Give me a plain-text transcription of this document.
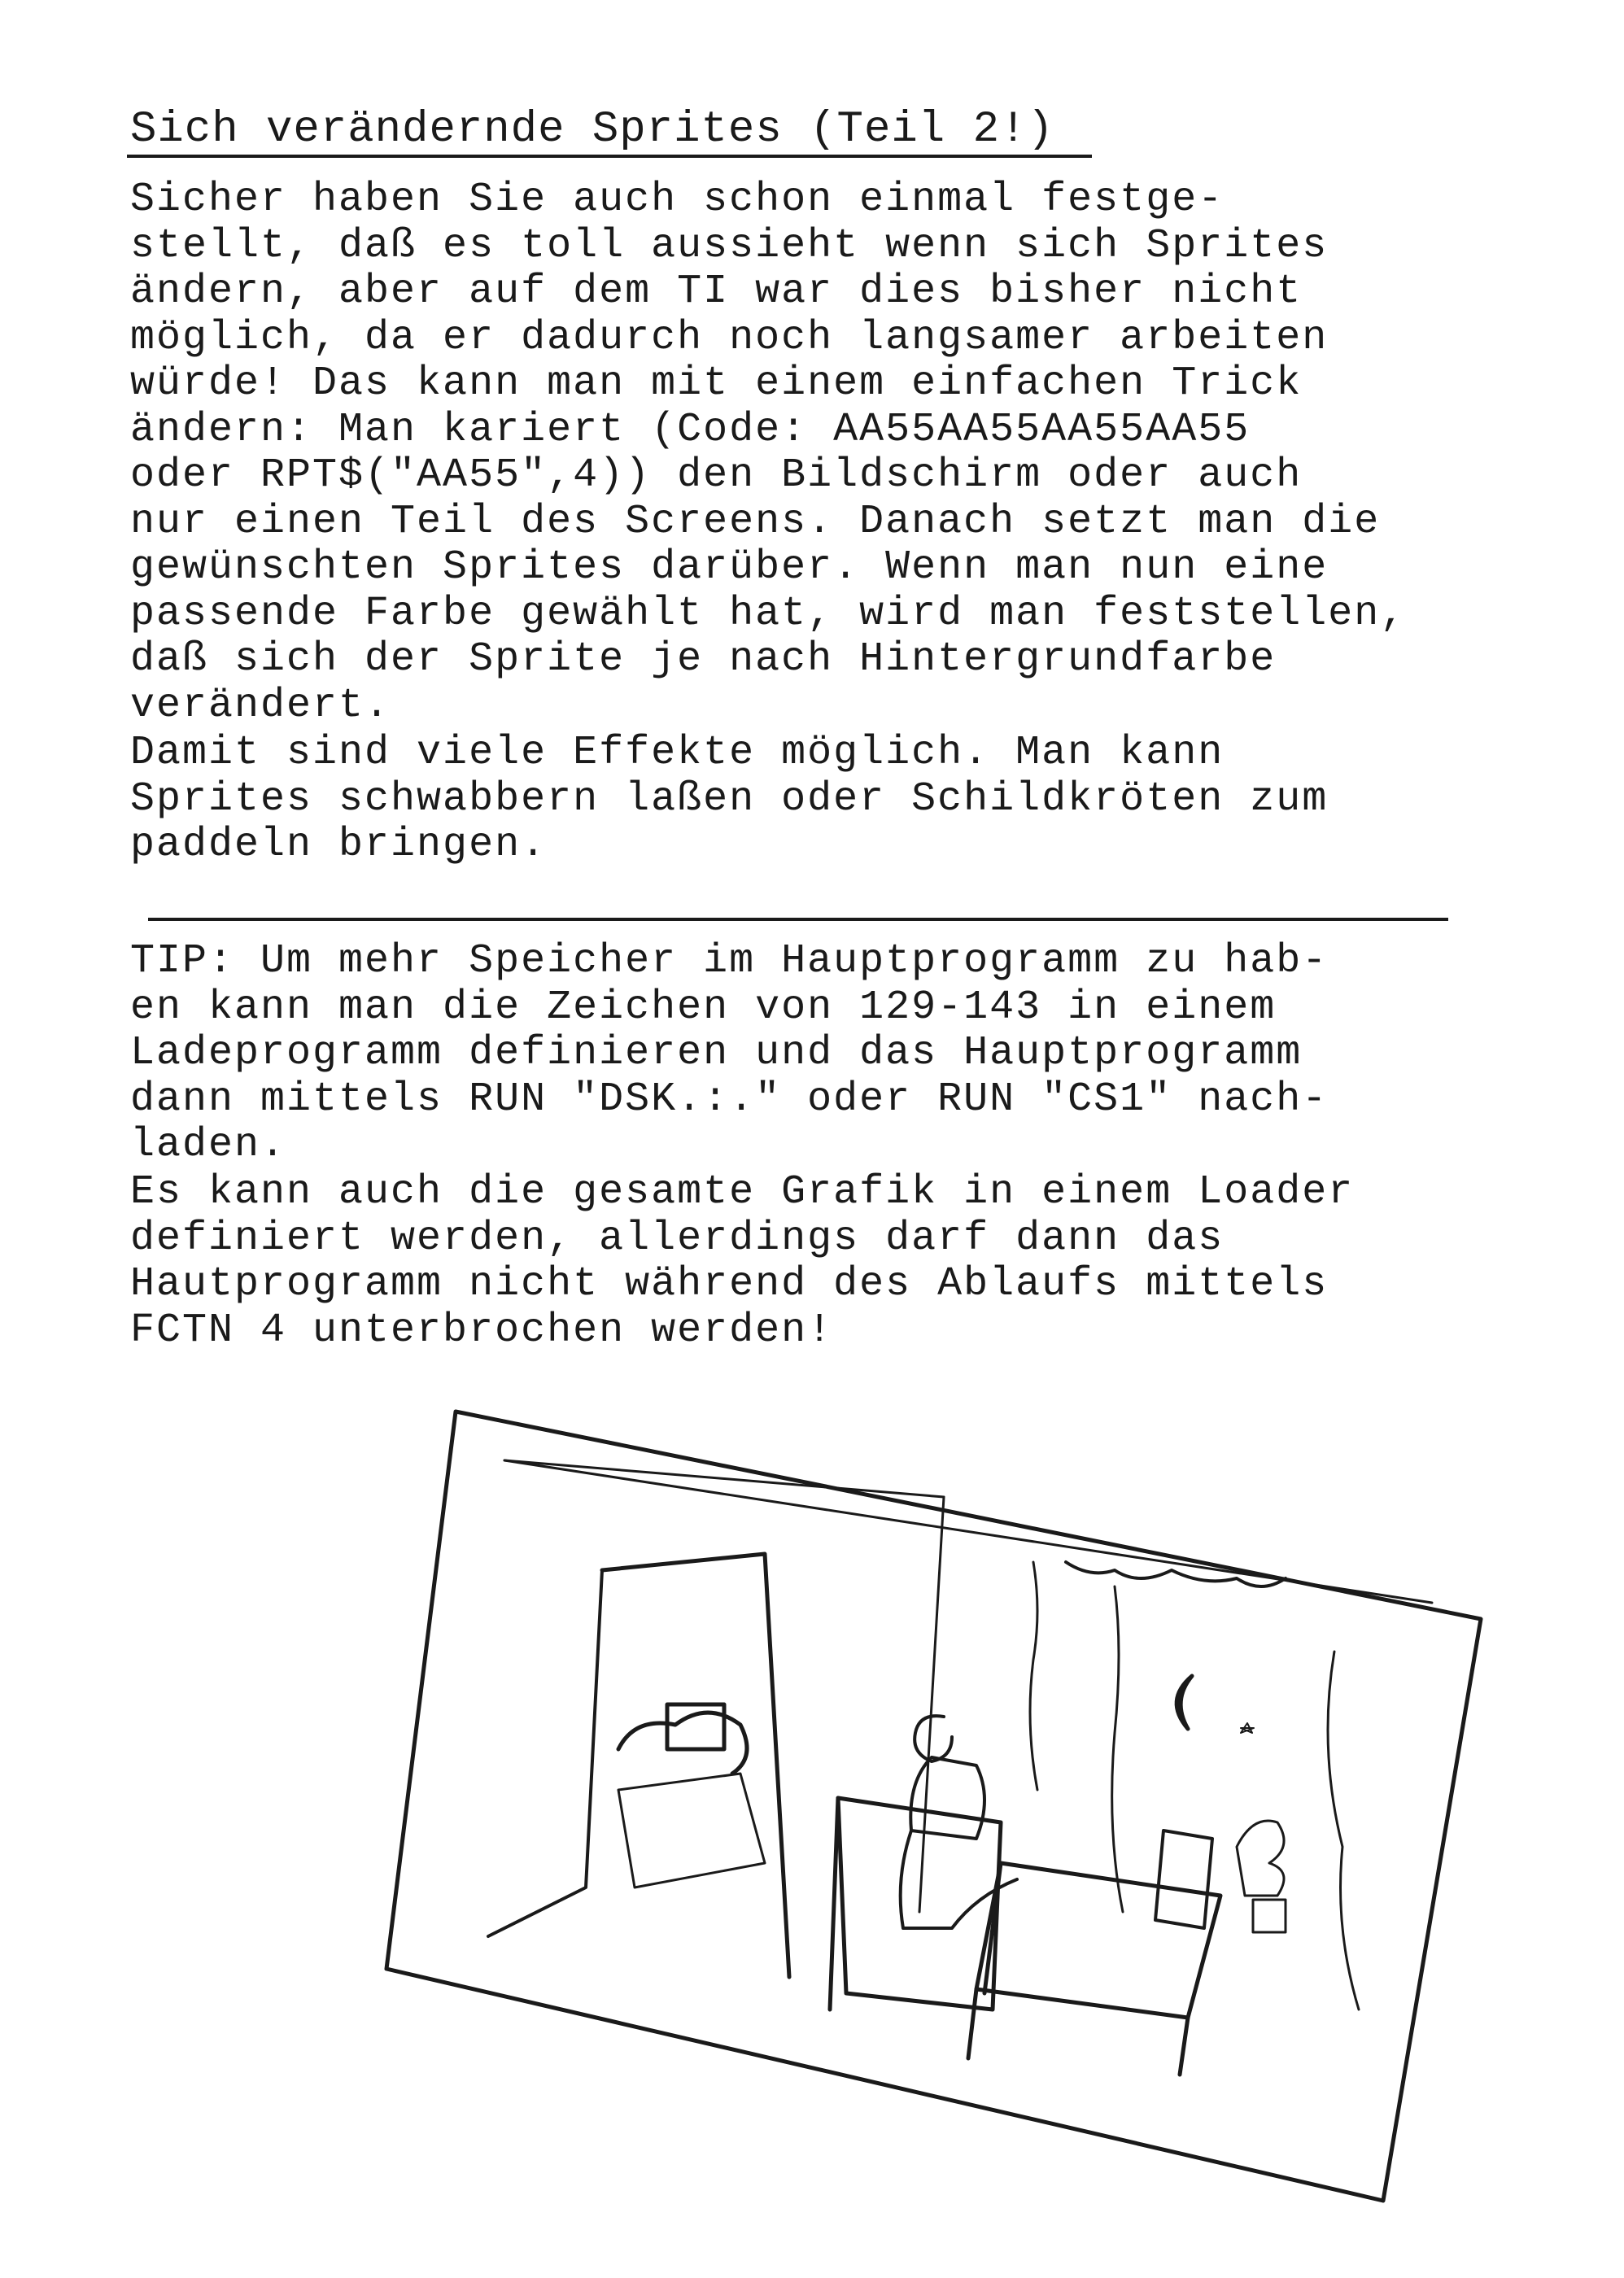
Sich verändernde Sprites (Teil 2!)
Sicher haben Sie auch schon einmal festge-
stellt, daß es toll aussieht wenn sich Sprites
ändern, aber auf dem TI war dies bisher nicht
möglich, da er dadurch noch langsamer arbeiten
würde! Das kann man mit einem einfachen Trick
ändern: Man kariert (Code: AA55AA55AA55AA55
oder RPT$("AA55",4)) den Bildschirm oder auch
nur einen Teil des Screens. Danach setzt man die
gewünschten Sprites darüber. Wenn man nun eine
passende Farbe gewählt hat, wird man feststellen,
daß sich der Sprite je nach Hintergrundfarbe
verändert.
Damit sind viele Effekte möglich. Man kann
Sprites schwabbern laßen oder Schildkröten zum
paddeln bringen.
TIP: Um mehr Speicher im Hauptprogramm zu hab-
en kann man die Zeichen von 129-143 in einem
Ladeprogramm definieren und das Hauptprogramm
dann mittels RUN "DSK.:." oder RUN "CS1" nach-
laden.
Es kann auch die gesamte Grafik in einem Loader
definiert werden, allerdings darf dann das
Hautprogramm nicht während des Ablaufs mittels
FCTN 4 unterbrochen werden!
